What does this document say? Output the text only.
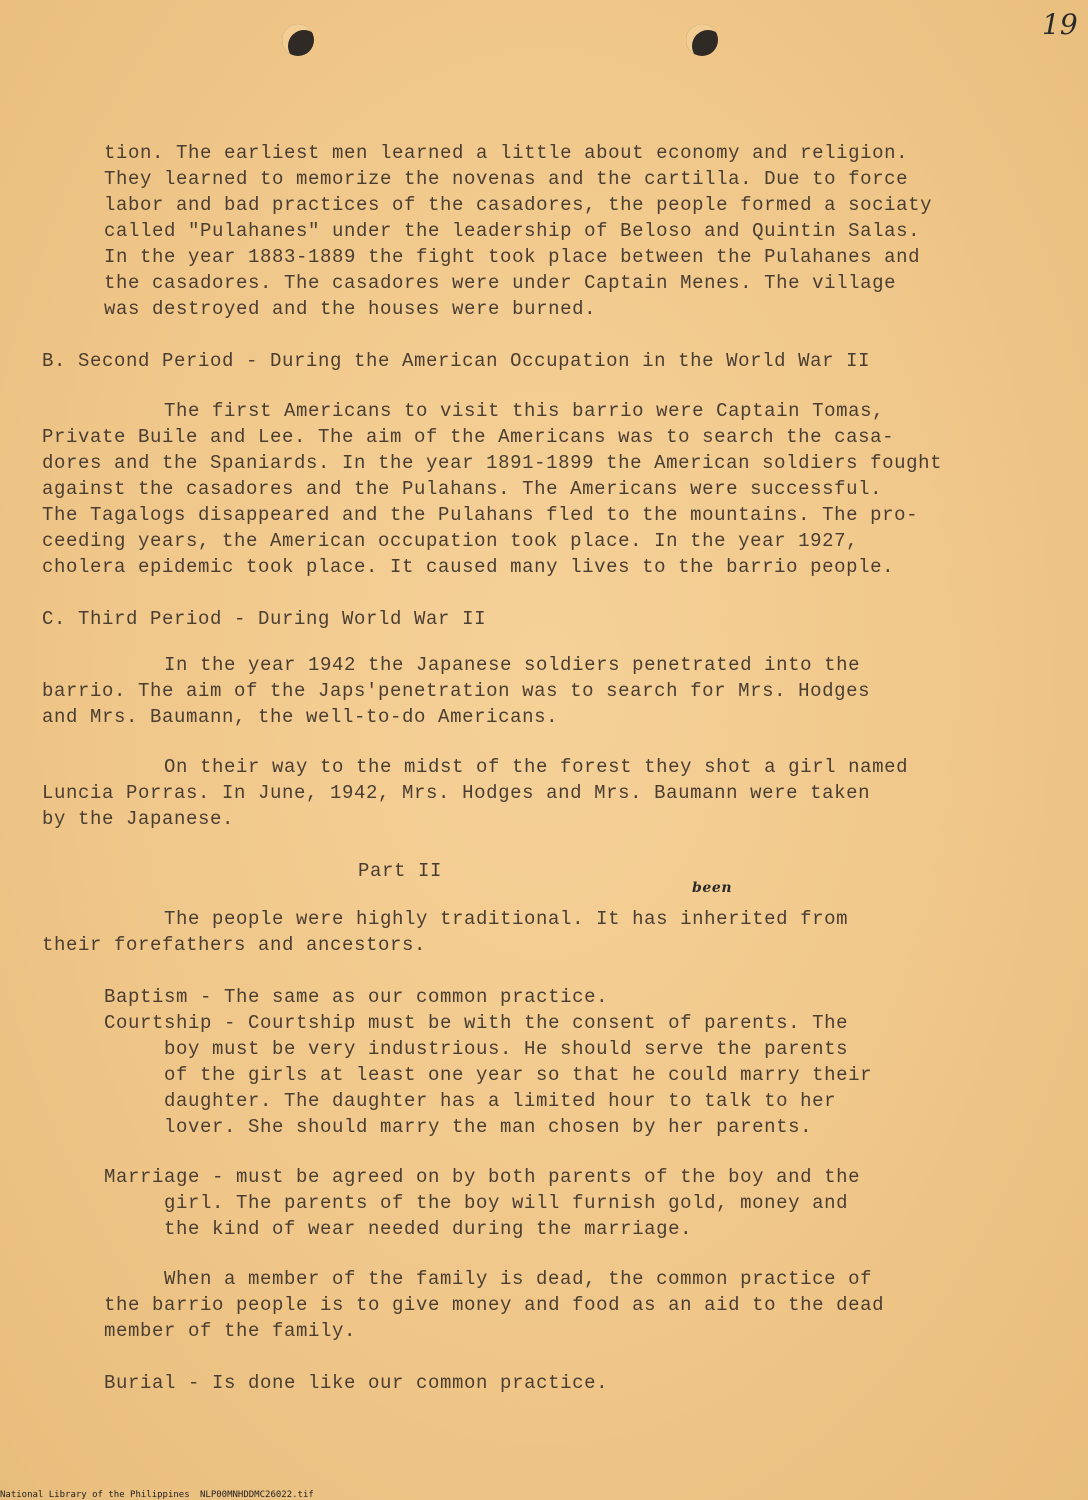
19
tion. The earliest men learned a little about economy and religion.
They learned to memorize the novenas and the cartilla. Due to force
labor and bad practices of the casadores, the people formed a sociaty
called "Pulahanes" under the leadership of Beloso and Quintin Salas.
In the year 1883-1889 the fight took place between the Pulahanes and
the casadores. The casadores were under Captain Menes. The village
was destroyed and the houses were burned.
B. Second Period - During the American Occupation in the World War II
The first Americans to visit this barrio were Captain Tomas,
Private Buile and Lee. The aim of the Americans was to search the casa-
dores and the Spaniards. In the year 1891-1899 the American soldiers fought
against the casadores and the Pulahans. The Americans were successful.
The Tagalogs disappeared and the Pulahans fled to the mountains. The pro-
ceeding years, the American occupation took place. In the year 1927,
cholera epidemic took place. It caused many lives to the barrio people.
C. Third Period - During World War II
In the year 1942 the Japanese soldiers penetrated into the
barrio. The aim of the Japs'penetration was to search for Mrs. Hodges
and Mrs. Baumann, the well-to-do Americans.
On their way to the midst of the forest they shot a girl named
Luncia Porras. In June, 1942, Mrs. Hodges and Mrs. Baumann were taken
by the Japanese.
Part II
been
The people were highly traditional. It has inherited from
their forefathers and ancestors.
Baptism - The same as our common practice.
Courtship - Courtship must be with the consent of parents. The
boy must be very industrious. He should serve the parents
of the girls at least one year so that he could marry their
daughter. The daughter has a limited hour to talk to her
lover. She should marry the man chosen by her parents.
Marriage - must be agreed on by both parents of the boy and the
girl. The parents of the boy will furnish gold, money and
the kind of wear needed during the marriage.
When a member of the family is dead, the common practice of
the barrio people is to give money and food as an aid to the dead
member of the family.
Burial - Is done like our common practice.
National Library of the Philippines NLP00MNHDDMC26022.tif
